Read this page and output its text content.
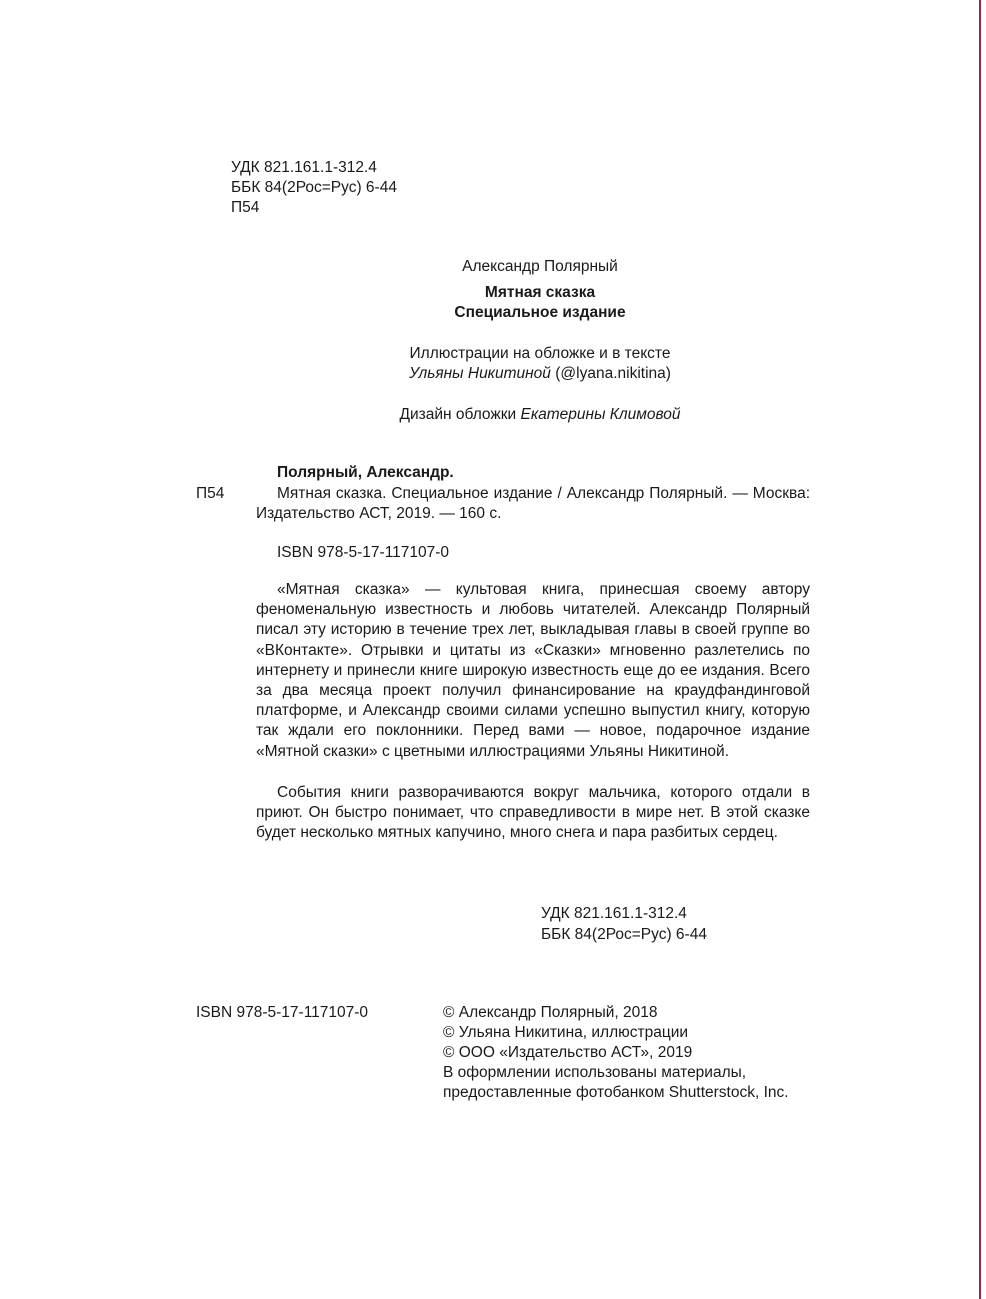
УДК 821.161.1-312.4
ББК 84(2Рос=Рус) 6-44
П54
Александр Полярный
Мятная сказка
Специальное издание
Иллюстрации на обложке и в тексте
Ульяны Никитиной (@lyana.nikitina)
Дизайн обложки Екатерины Климовой
Полярный, Александр.
П54	Мятная сказка. Специальное издание / Александр Полярный. — Москва: Издательство АСТ, 2019. — 160 с.
ISBN 978-5-17-117107-0
«Мятная сказка» — культовая книга, принесшая своему автору феноменальную известность и любовь читателей. Александр Полярный писал эту историю в течение трех лет, выкладывая главы в своей группе во «ВКонтакте». Отрывки и цитаты из «Сказки» мгновенно разлетелись по интернету и принесли книге широкую известность еще до ее издания. Всего за два месяца проект получил финансирование на краудфандинговой платформе, и Александр своими силами успешно выпустил книгу, которую так ждали его поклонники. Перед вами — новое, подарочное издание «Мятной сказки» с цветными иллюстрациями Ульяны Никитиной.
События книги разворачиваются вокруг мальчика, которого отдали в приют. Он быстро понимает, что справедливости в мире нет. В этой сказке будет несколько мятных капучино, много снега и пара разбитых сердец.
УДК 821.161.1-312.4
ББК 84(2Рос=Рус) 6-44
ISBN 978-5-17-117107-0	© Александр Полярный, 2018
© Ульяна Никитина, иллюстрации
© ООО «Издательство АСТ», 2019
В оформлении использованы материалы,
предоставленные фотобанком Shutterstock, Inc.
